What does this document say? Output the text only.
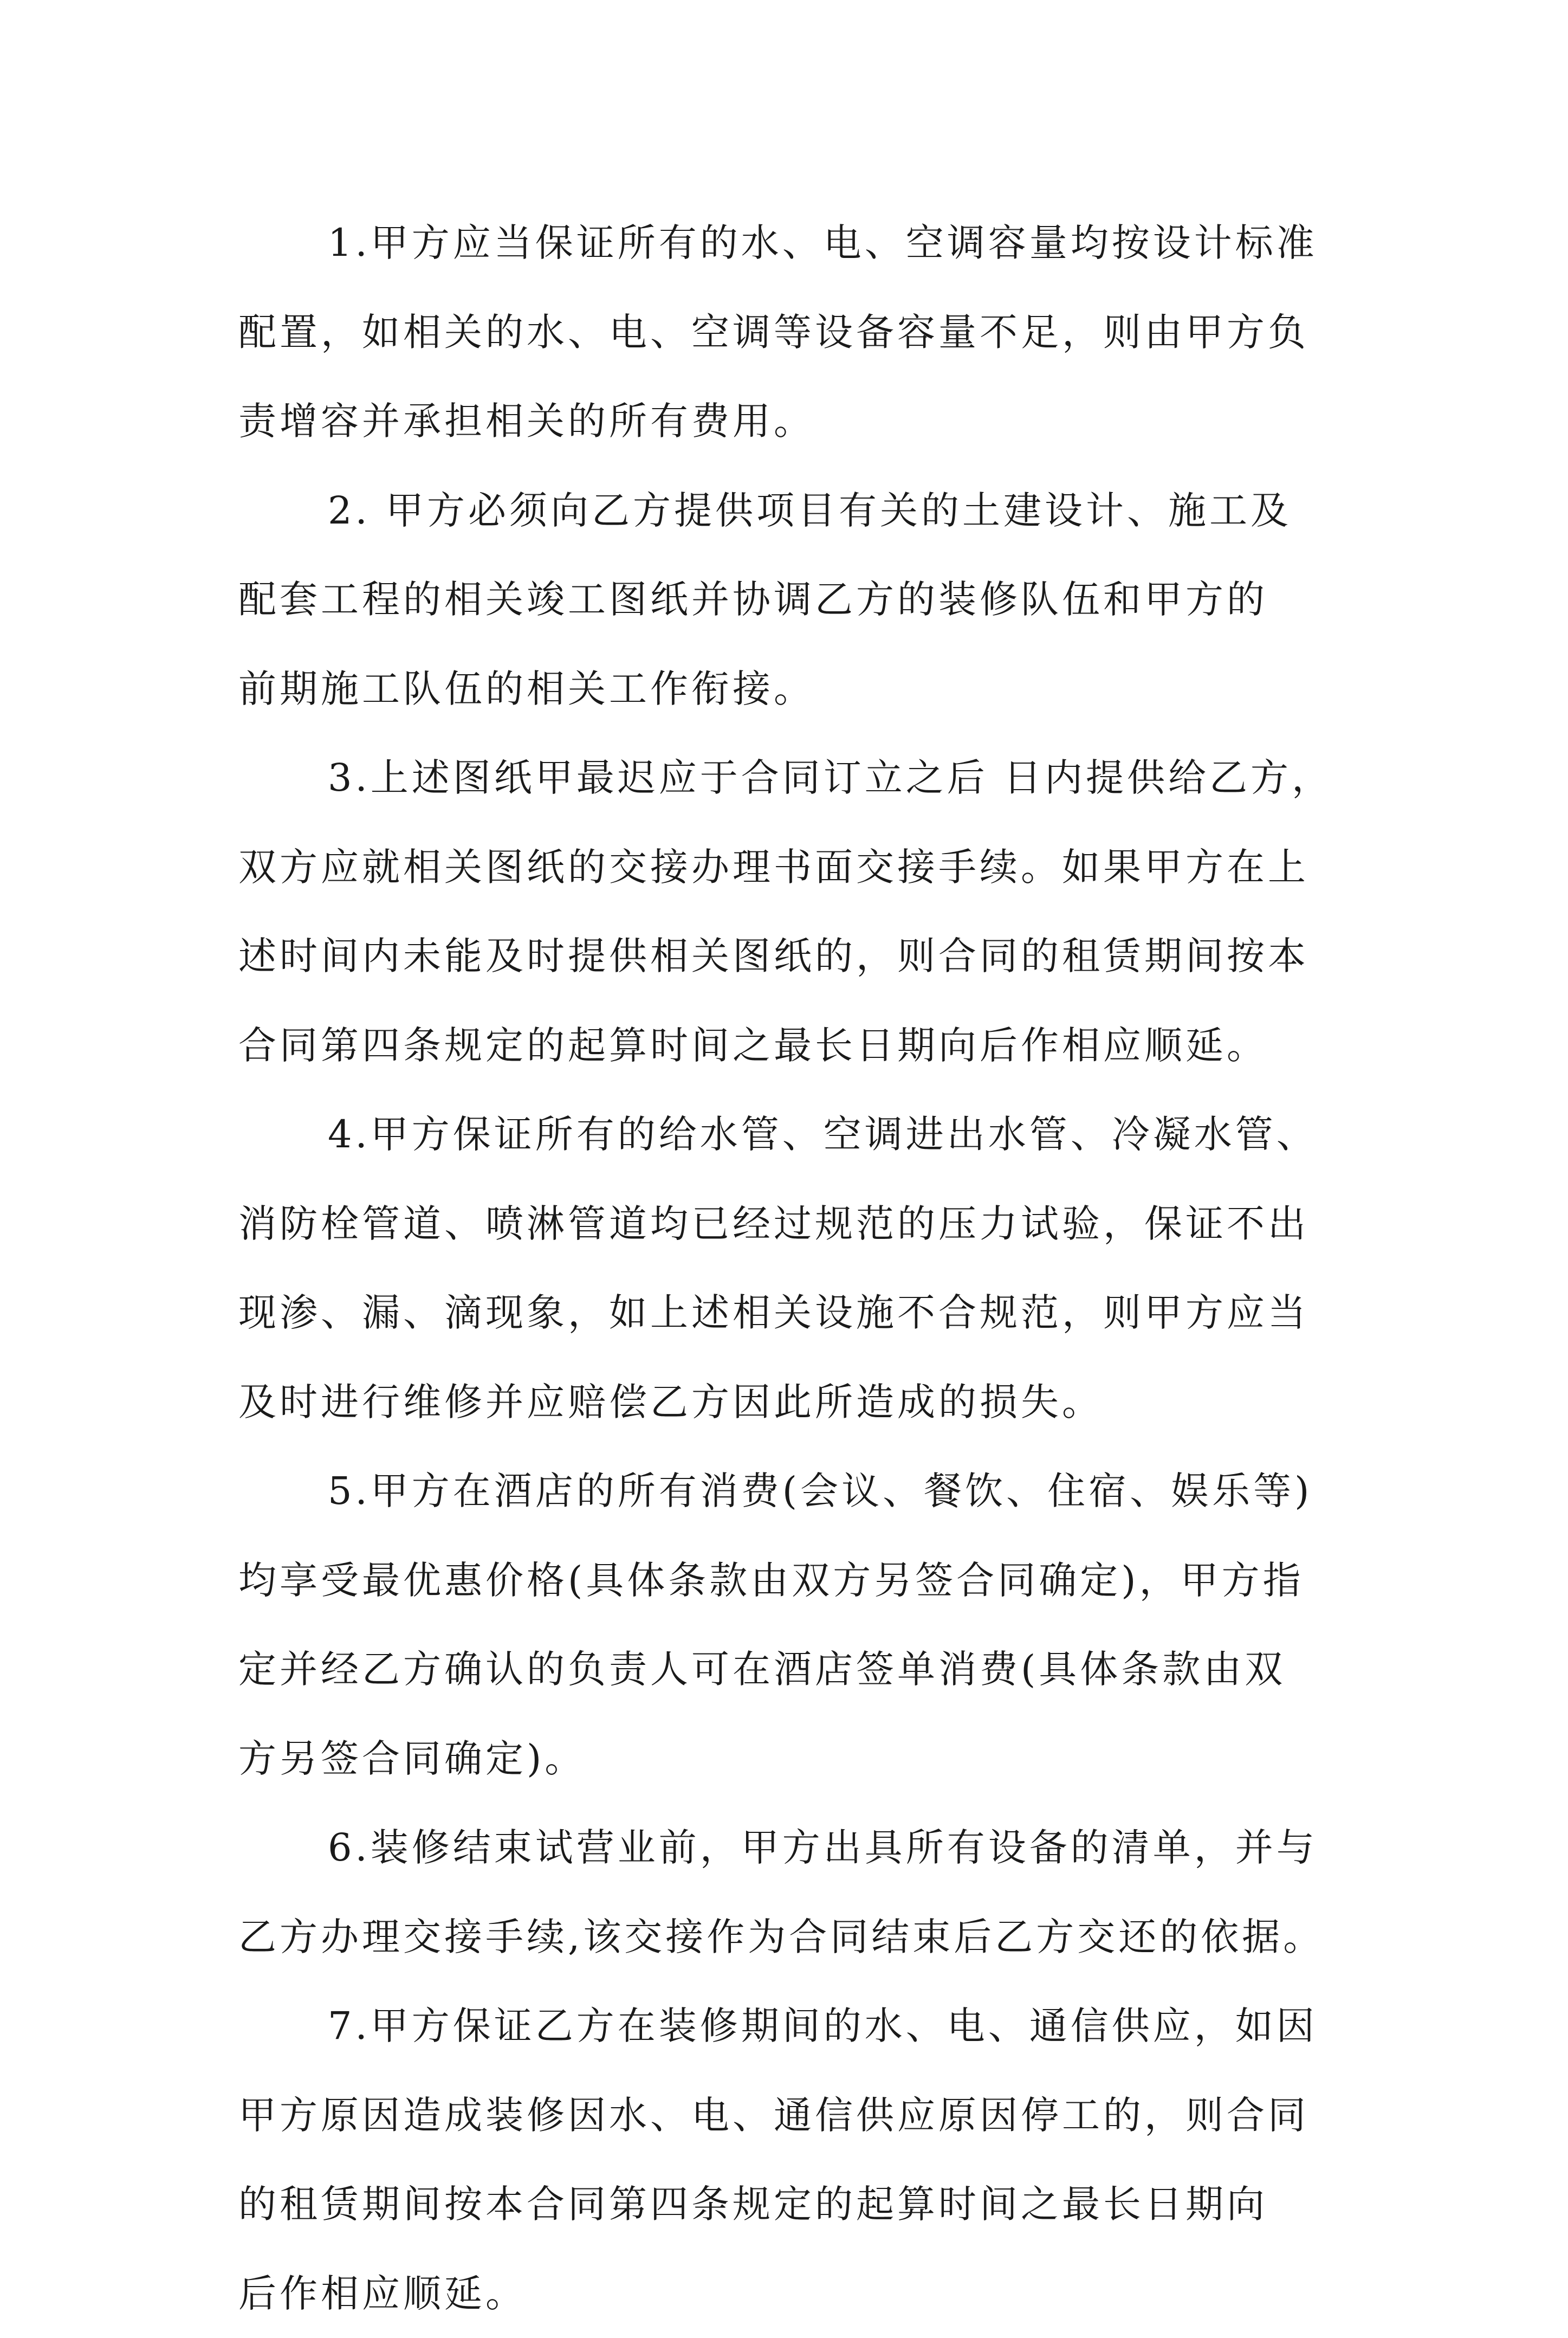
1.甲方应当保证所有的水、电、空调容量均按设计标准
配置，如相关的水、电、空调等设备容量不足，则由甲方负
责增容并承担相关的所有费用。

2. 甲方必须向乙方提供项目有关的土建设计、施工及
配套工程的相关竣工图纸并协调乙方的装修队伍和甲方的
前期施工队伍的相关工作衔接。

3.上述图纸甲最迟应于合同订立之后 日内提供给乙方，
双方应就相关图纸的交接办理书面交接手续。如果甲方在上
述时间内未能及时提供相关图纸的，则合同的租赁期间按本
合同第四条规定的起算时间之最长日期向后作相应顺延。

4.甲方保证所有的给水管、空调进出水管、冷凝水管、
消防栓管道、喷淋管道均已经过规范的压力试验，保证不出
现渗、漏、滴现象，如上述相关设施不合规范，则甲方应当
及时进行维修并应赔偿乙方因此所造成的损失。

5.甲方在酒店的所有消费(会议、餐饮、住宿、娱乐等)
均享受最优惠价格(具体条款由双方另签合同确定)，甲方指
定并经乙方确认的负责人可在酒店签单消费(具体条款由双
方另签合同确定)。

6.装修结束试营业前，甲方出具所有设备的清单，并与
乙方办理交接手续,该交接作为合同结束后乙方交还的依据。

7.甲方保证乙方在装修期间的水、电、通信供应，如因
甲方原因造成装修因水、电、通信供应原因停工的，则合同
的租赁期间按本合同第四条规定的起算时间之最长日期向
后作相应顺延。
